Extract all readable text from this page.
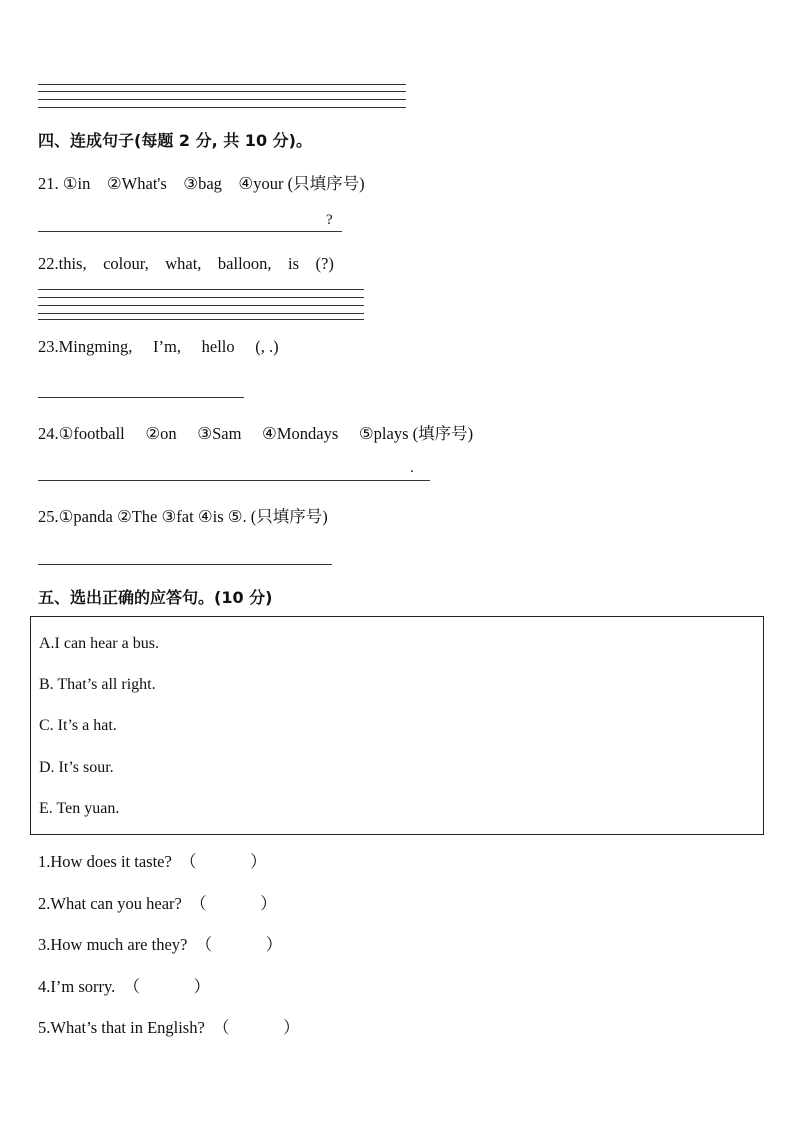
四、连成句子(每题 2 分, 共 10 分)。
21. ①in    ②What's    ③bag    ④your (只填序号)
?
22.this,    colour,    what,    balloon,    is    (?)
23.Mingming,     I’m,     hello     (, .)
24.①football     ②on     ③Sam     ④Mondays     ⑤plays (填序号)
.
25.①panda ②The ③fat ④is ⑤. (只填序号)
五、选出正确的应答句。(10 分)
A.I can hear a bus.
B. That’s all right.
C. It’s a hat.
D. It’s sour.
E. Ten yuan.
1.How does it taste?  （             ）
2.What can you hear?  （             ）
3.How much are they?  （             ）
4.I’m sorry.  （             ）
5.What’s that in English?  （             ）
